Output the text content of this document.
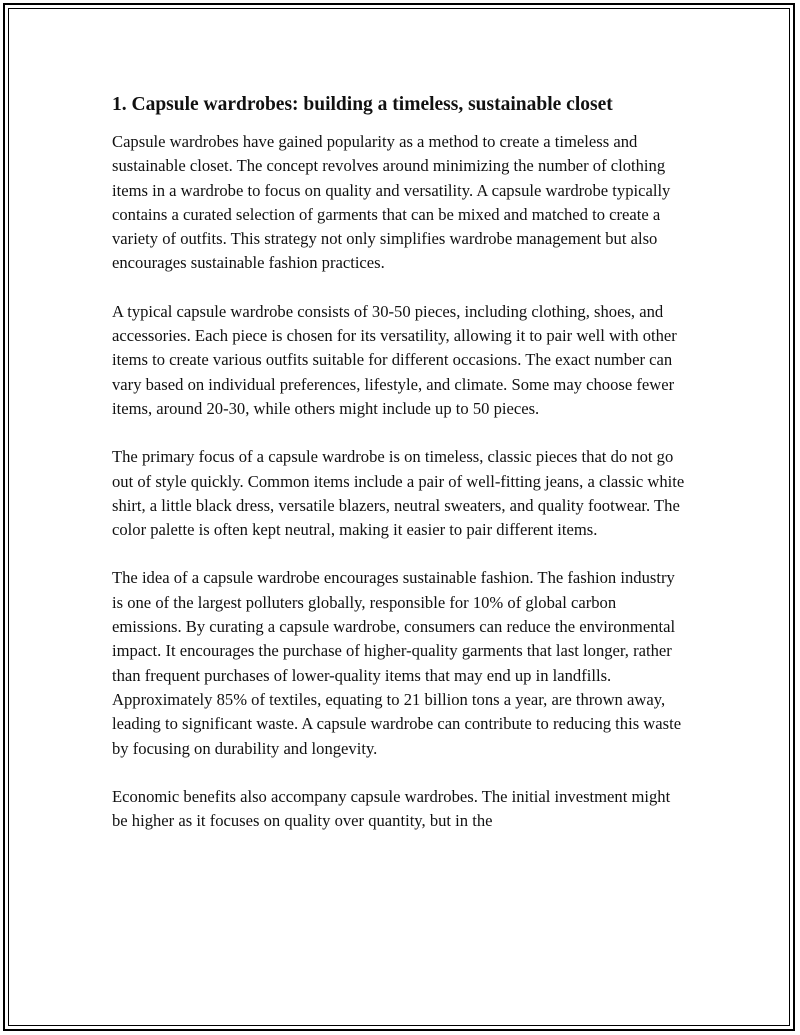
1. Capsule wardrobes: building a timeless, sustainable closet

Capsule wardrobes have gained popularity as a method to create a timeless and sustainable closet. The concept revolves around minimizing the number of clothing items in a wardrobe to focus on quality and versatility. A capsule wardrobe typically contains a curated selection of garments that can be mixed and matched to create a variety of outfits. This strategy not only simplifies wardrobe management but also encourages sustainable fashion practices.

A typical capsule wardrobe consists of 30-50 pieces, including clothing, shoes, and accessories. Each piece is chosen for its versatility, allowing it to pair well with other items to create various outfits suitable for different occasions. The exact number can vary based on individual preferences, lifestyle, and climate. Some may choose fewer items, around 20-30, while others might include up to 50 pieces.

The primary focus of a capsule wardrobe is on timeless, classic pieces that do not go out of style quickly. Common items include a pair of well-fitting jeans, a classic white shirt, a little black dress, versatile blazers, neutral sweaters, and quality footwear. The color palette is often kept neutral, making it easier to pair different items.

The idea of a capsule wardrobe encourages sustainable fashion. The fashion industry is one of the largest polluters globally, responsible for 10% of global carbon emissions. By curating a capsule wardrobe, consumers can reduce the environmental impact. It encourages the purchase of higher-quality garments that last longer, rather than frequent purchases of lower-quality items that may end up in landfills. Approximately 85% of textiles, equating to 21 billion tons a year, are thrown away, leading to significant waste. A capsule wardrobe can contribute to reducing this waste by focusing on durability and longevity.

Economic benefits also accompany capsule wardrobes. The initial investment might be higher as it focuses on quality over quantity, but in the
